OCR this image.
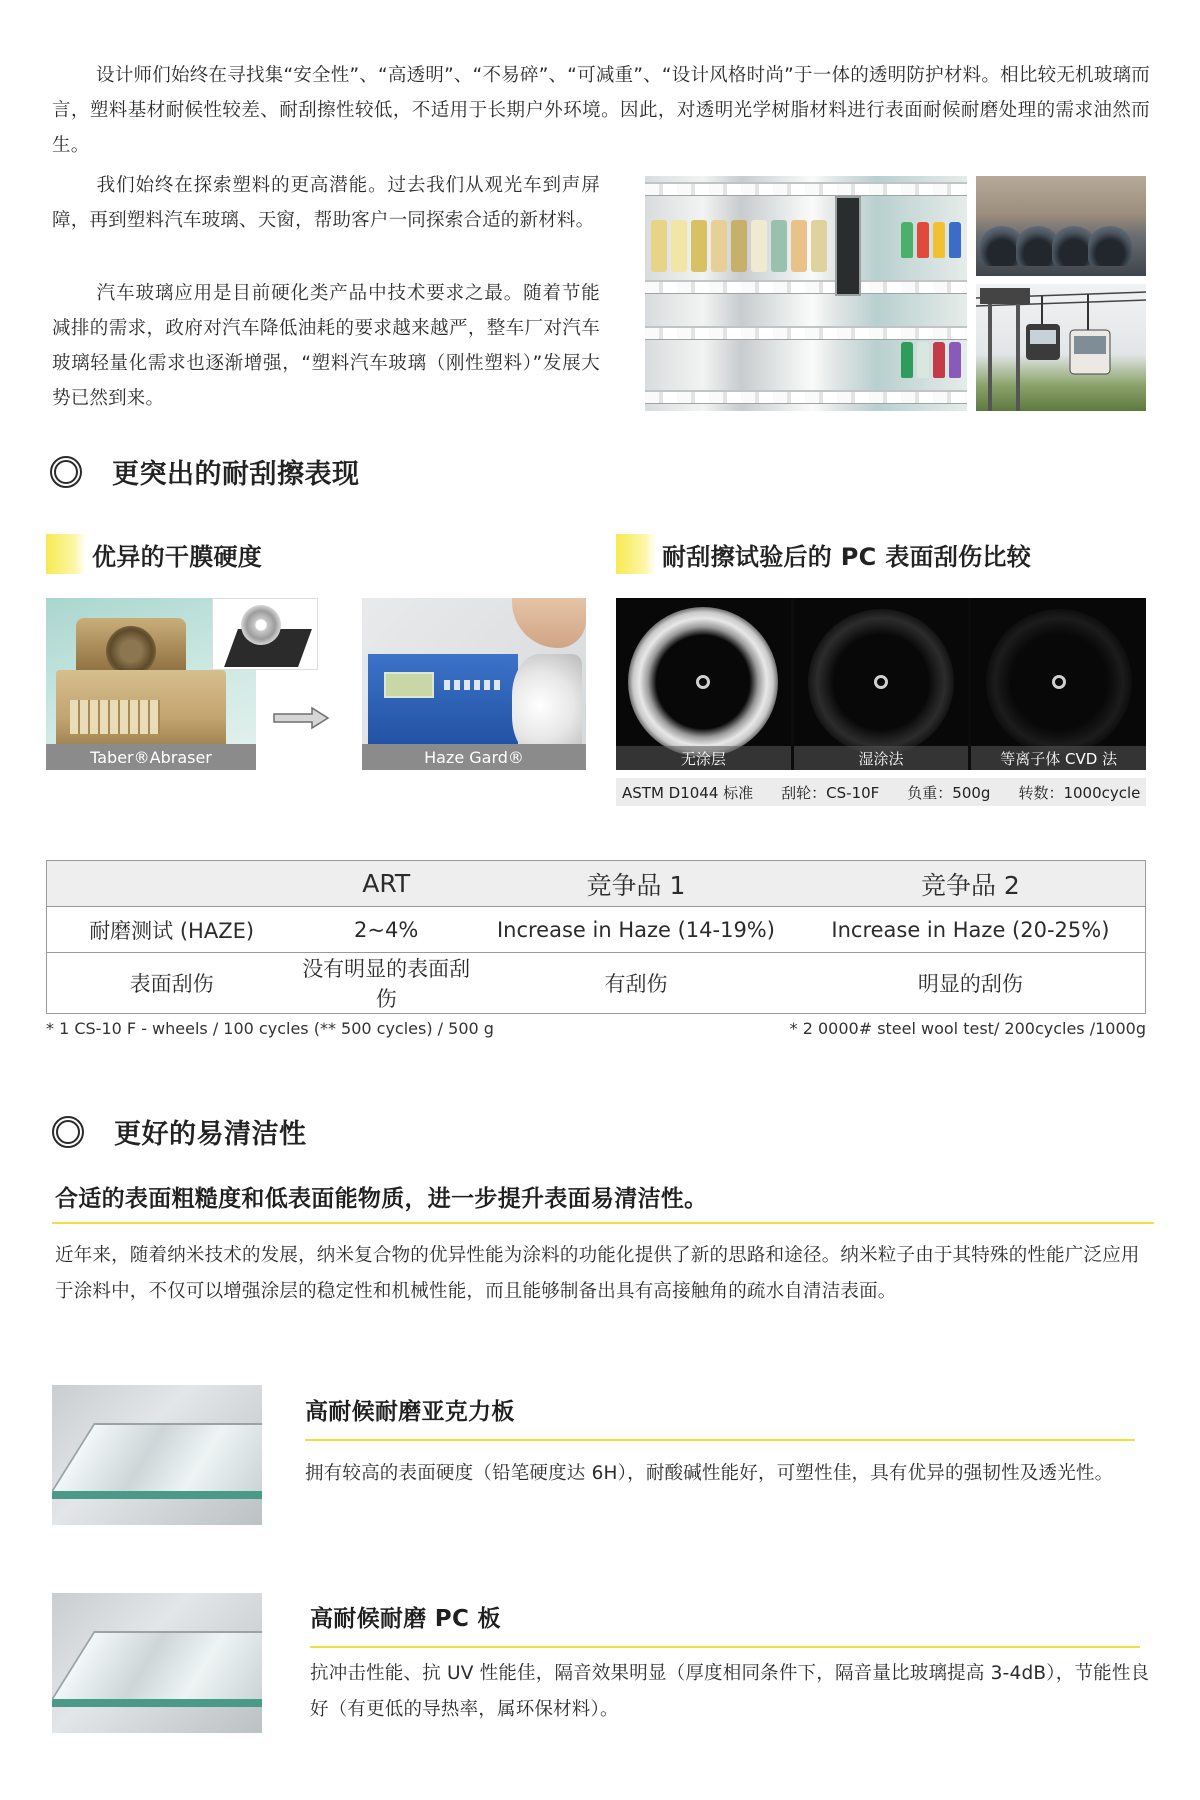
设计师们始终在寻找集“安全性”、“高透明”、“不易碎”、“可减重”、“设计风格时尚”于一体的透明防护材料。相比较无机玻璃而言，塑料基材耐候性较差、耐刮擦性较低，不适用于长期户外环境。因此，对透明光学树脂材料进行表面耐候耐磨处理的需求油然而生。

我们始终在探索塑料的更高潜能。过去我们从观光车到声屏障，再到塑料汽车玻璃、天窗，帮助客户一同探索合适的新材料。

汽车玻璃应用是目前硬化类产品中技术要求之最。随着节能减排的需求，政府对汽车降低油耗的要求越来越严，整车厂对汽车玻璃轻量化需求也逐渐增强，“塑料汽车玻璃（刚性塑料）”发展大势已然到来。

更突出的耐刮擦表现
优异的干膜硬度	耐刮擦试验后的 PC 表面刮伤比较
Taber®Abraser	Haze Gard®	无涂层	湿涂法	等离子体 CVD 法
ASTM D1044 标准 刮轮：CS-10F 负重：500g 转数：1000cycle
	ART	竞争品 1	竞争品 2
耐磨测试 (HAZE)	2~4%	Increase in Haze (14-19%)	Increase in Haze (20-25%)
表面刮伤	没有明显的表面刮伤	有刮伤	明显的刮伤
* 1 CS-10 F - wheels / 100 cycles (** 500 cycles) / 500 g	* 2 0000# steel wool test/ 200cycles /1000g
更好的易清洁性
合适的表面粗糙度和低表面能物质，进一步提升表面易清洁性。

近年来，随着纳米技术的发展，纳米复合物的优异性能为涂料的功能化提供了新的思路和途径。纳米粒子由于其特殊的性能广泛应用于涂料中，不仅可以增强涂层的稳定性和机械性能，而且能够制备出具有高接触角的疏水自清洁表面。

高耐候耐磨亚克力板

拥有较高的表面硬度（铅笔硬度达 6H），耐酸碱性能好，可塑性佳，具有优异的强韧性及透光性。

高耐候耐磨 PC 板

抗冲击性能、抗 UV 性能佳，隔音效果明显（厚度相同条件下，隔音量比玻璃提高 3-4dB），节能性良好（有更低的导热率，属环保材料）。
